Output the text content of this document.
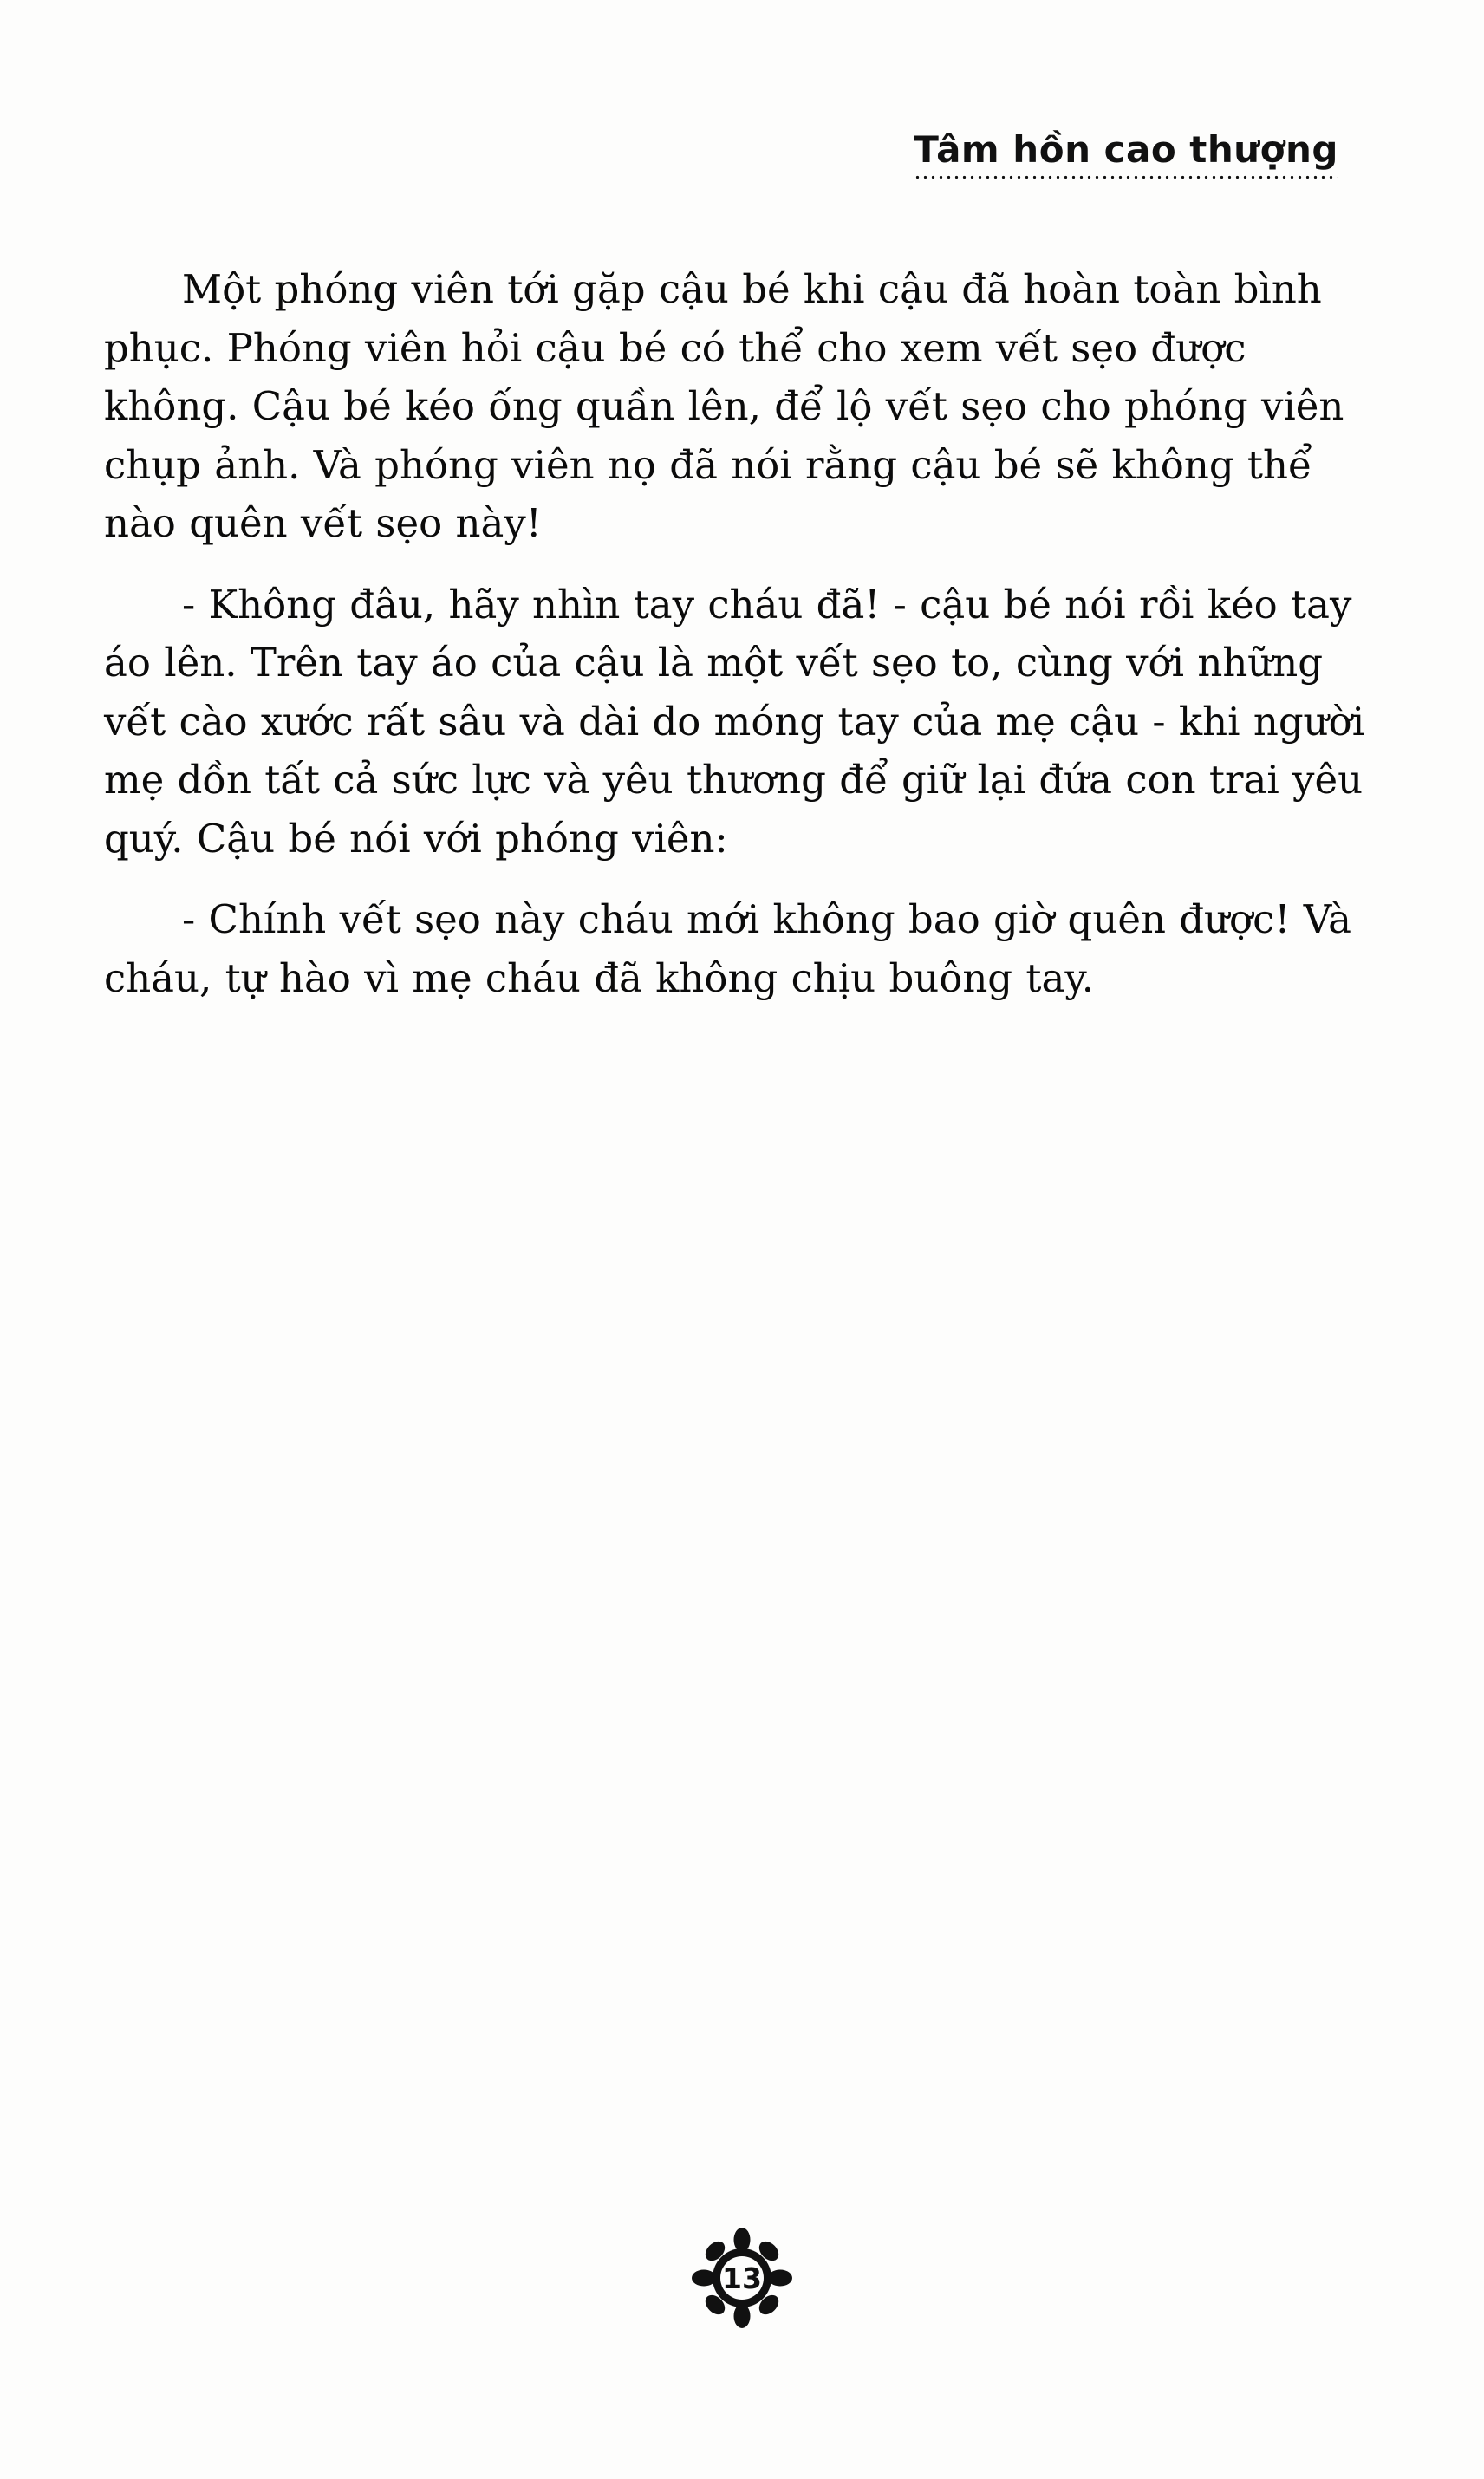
Tâm hồn cao thượng

Một phóng viên tới gặp cậu bé khi cậu đã hoàn toàn bình phục. Phóng viên hỏi cậu bé có thể cho xem vết sẹo được không. Cậu bé kéo ống quần lên, để lộ vết sẹo cho phóng viên chụp ảnh. Và phóng viên nọ đã nói rằng cậu bé sẽ không thể nào quên vết sẹo này!

- Không đâu, hãy nhìn tay cháu đã! - cậu bé nói rồi kéo tay áo lên. Trên tay áo của cậu là một vết sẹo to, cùng với những vết cào xước rất sâu và dài do móng tay của mẹ cậu - khi người mẹ dồn tất cả sức lực và yêu thương để giữ lại đứa con trai yêu quý. Cậu bé nói với phóng viên:

- Chính vết sẹo này cháu mới không bao giờ quên được! Và cháu, tự hào vì mẹ cháu đã không chịu buông tay.

13
